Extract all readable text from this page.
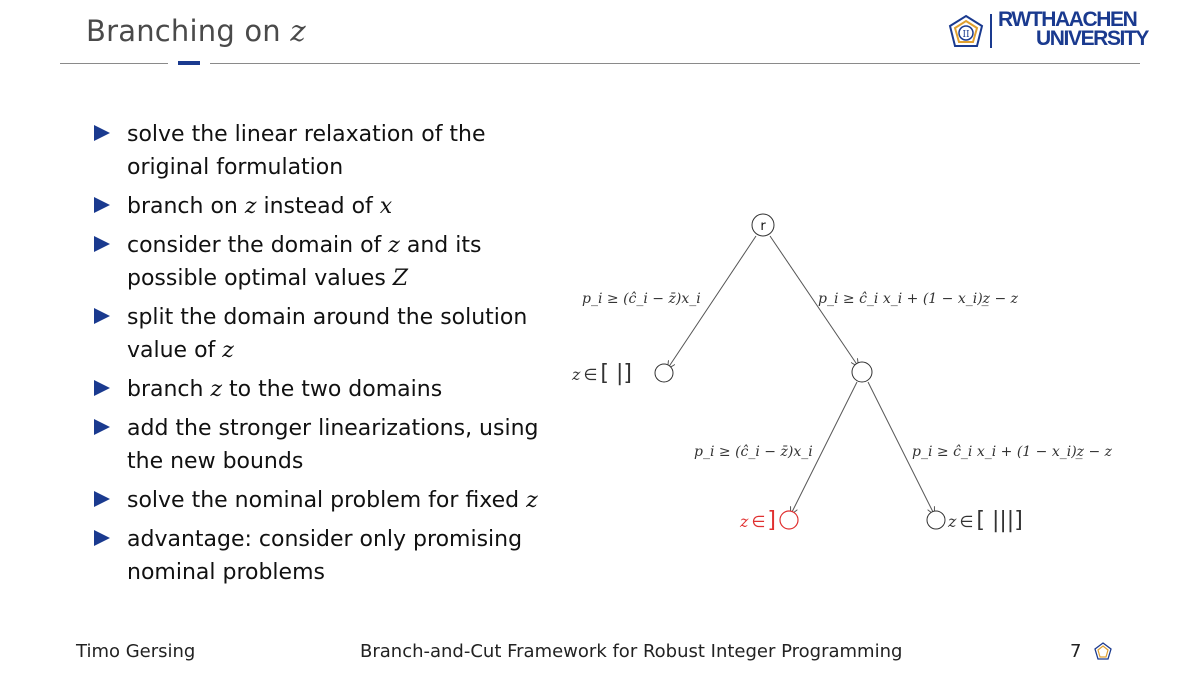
Branching on z	II
RWTHAACHEN
UNIVERSITY
solve the linear relaxation of the original formulation
branch on z instead of x
consider the domain of z and its possible optimal values Z
split the domain around the solution value of z
branch z to the two domains
add the stronger linearizations, using the new bounds
solve the nominal problem for fixed z
advantage: consider only promising nominal problems
r
p_i ≥ (ĉ_i − z̄)x_i	p_i ≥ ĉ_i x_i + (1 − x_i)z̲ − z
p_i ≥ (ĉ_i − z̄)x_i	p_i ≥ ĉ_i x_i + (1 − x_i)z̲ − z
z ∈ [ |]
z ∈]	z ∈ [ |||]
Timo Gersing	Branch-and-Cut Framework for Robust Integer Programming	7
